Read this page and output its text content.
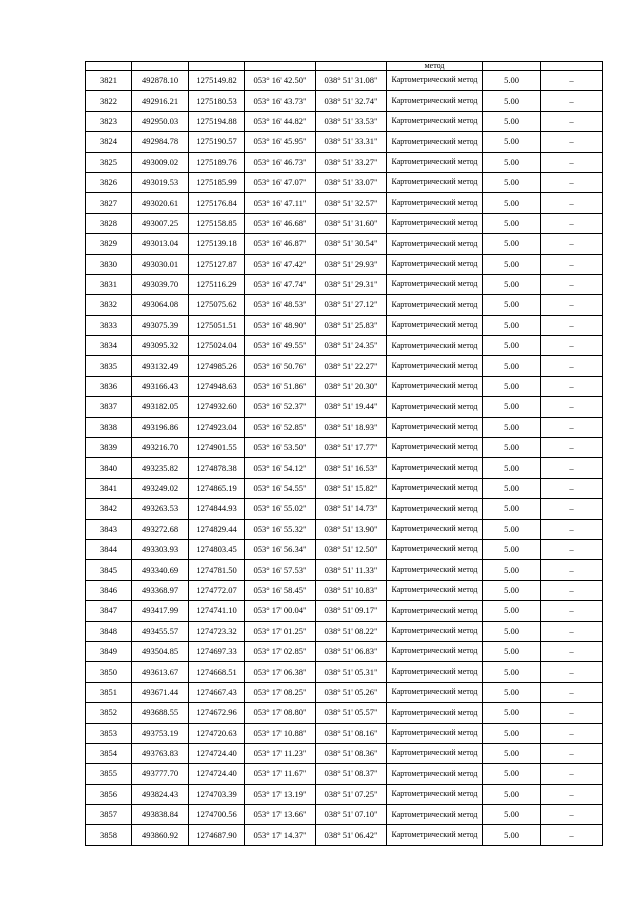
					метод		
3821	492878.10	1275149.82	053° 16' 42.50"	038° 51' 31.08"	Картометрический метод	5.00	–
3822	492916.21	1275180.53	053° 16' 43.73"	038° 51' 32.74"	Картометрический метод	5.00	–
3823	492950.03	1275194.88	053° 16' 44.82"	038° 51' 33.53"	Картометрический метод	5.00	–
3824	492984.78	1275190.57	053° 16' 45.95"	038° 51' 33.31"	Картометрический метод	5.00	–
3825	493009.02	1275189.76	053° 16' 46.73"	038° 51' 33.27"	Картометрический метод	5.00	–
3826	493019.53	1275185.99	053° 16' 47.07"	038° 51' 33.07"	Картометрический метод	5.00	–
3827	493020.61	1275176.84	053° 16' 47.11"	038° 51' 32.57"	Картометрический метод	5.00	–
3828	493007.25	1275158.85	053° 16' 46.68"	038° 51' 31.60"	Картометрический метод	5.00	–
3829	493013.04	1275139.18	053° 16' 46.87"	038° 51' 30.54"	Картометрический метод	5.00	–
3830	493030.01	1275127.87	053° 16' 47.42"	038° 51' 29.93"	Картометрический метод	5.00	–
3831	493039.70	1275116.29	053° 16' 47.74"	038° 51' 29.31"	Картометрический метод	5.00	–
3832	493064.08	1275075.62	053° 16' 48.53"	038° 51' 27.12"	Картометрический метод	5.00	–
3833	493075.39	1275051.51	053° 16' 48.90"	038° 51' 25.83"	Картометрический метод	5.00	–
3834	493095.32	1275024.04	053° 16' 49.55"	038° 51' 24.35"	Картометрический метод	5.00	–
3835	493132.49	1274985.26	053° 16' 50.76"	038° 51' 22.27"	Картометрический метод	5.00	–
3836	493166.43	1274948.63	053° 16' 51.86"	038° 51' 20.30"	Картометрический метод	5.00	–
3837	493182.05	1274932.60	053° 16' 52.37"	038° 51' 19.44"	Картометрический метод	5.00	–
3838	493196.86	1274923.04	053° 16' 52.85"	038° 51' 18.93"	Картометрический метод	5.00	–
3839	493216.70	1274901.55	053° 16' 53.50"	038° 51' 17.77"	Картометрический метод	5.00	–
3840	493235.82	1274878.38	053° 16' 54.12"	038° 51' 16.53"	Картометрический метод	5.00	–
3841	493249.02	1274865.19	053° 16' 54.55"	038° 51' 15.82"	Картометрический метод	5.00	–
3842	493263.53	1274844.93	053° 16' 55.02"	038° 51' 14.73"	Картометрический метод	5.00	–
3843	493272.68	1274829.44	053° 16' 55.32"	038° 51' 13.90"	Картометрический метод	5.00	–
3844	493303.93	1274803.45	053° 16' 56.34"	038° 51' 12.50"	Картометрический метод	5.00	–
3845	493340.69	1274781.50	053° 16' 57.53"	038° 51' 11.33"	Картометрический метод	5.00	–
3846	493368.97	1274772.07	053° 16' 58.45"	038° 51' 10.83"	Картометрический метод	5.00	–
3847	493417.99	1274741.10	053° 17' 00.04"	038° 51' 09.17"	Картометрический метод	5.00	–
3848	493455.57	1274723.32	053° 17' 01.25"	038° 51' 08.22"	Картометрический метод	5.00	–
3849	493504.85	1274697.33	053° 17' 02.85"	038° 51' 06.83"	Картометрический метод	5.00	–
3850	493613.67	1274668.51	053° 17' 06.38"	038° 51' 05.31"	Картометрический метод	5.00	–
3851	493671.44	1274667.43	053° 17' 08.25"	038° 51' 05.26"	Картометрический метод	5.00	–
3852	493688.55	1274672.96	053° 17' 08.80"	038° 51' 05.57"	Картометрический метод	5.00	–
3853	493753.19	1274720.63	053° 17' 10.88"	038° 51' 08.16"	Картометрический метод	5.00	–
3854	493763.83	1274724.40	053° 17' 11.23"	038° 51' 08.36"	Картометрический метод	5.00	–
3855	493777.70	1274724.40	053° 17' 11.67"	038° 51' 08.37"	Картометрический метод	5.00	–
3856	493824.43	1274703.39	053° 17' 13.19"	038° 51' 07.25"	Картометрический метод	5.00	–
3857	493838.84	1274700.56	053° 17' 13.66"	038° 51' 07.10"	Картометрический метод	5.00	–
3858	493860.92	1274687.90	053° 17' 14.37"	038° 51' 06.42"	Картометрический метод	5.00	–
